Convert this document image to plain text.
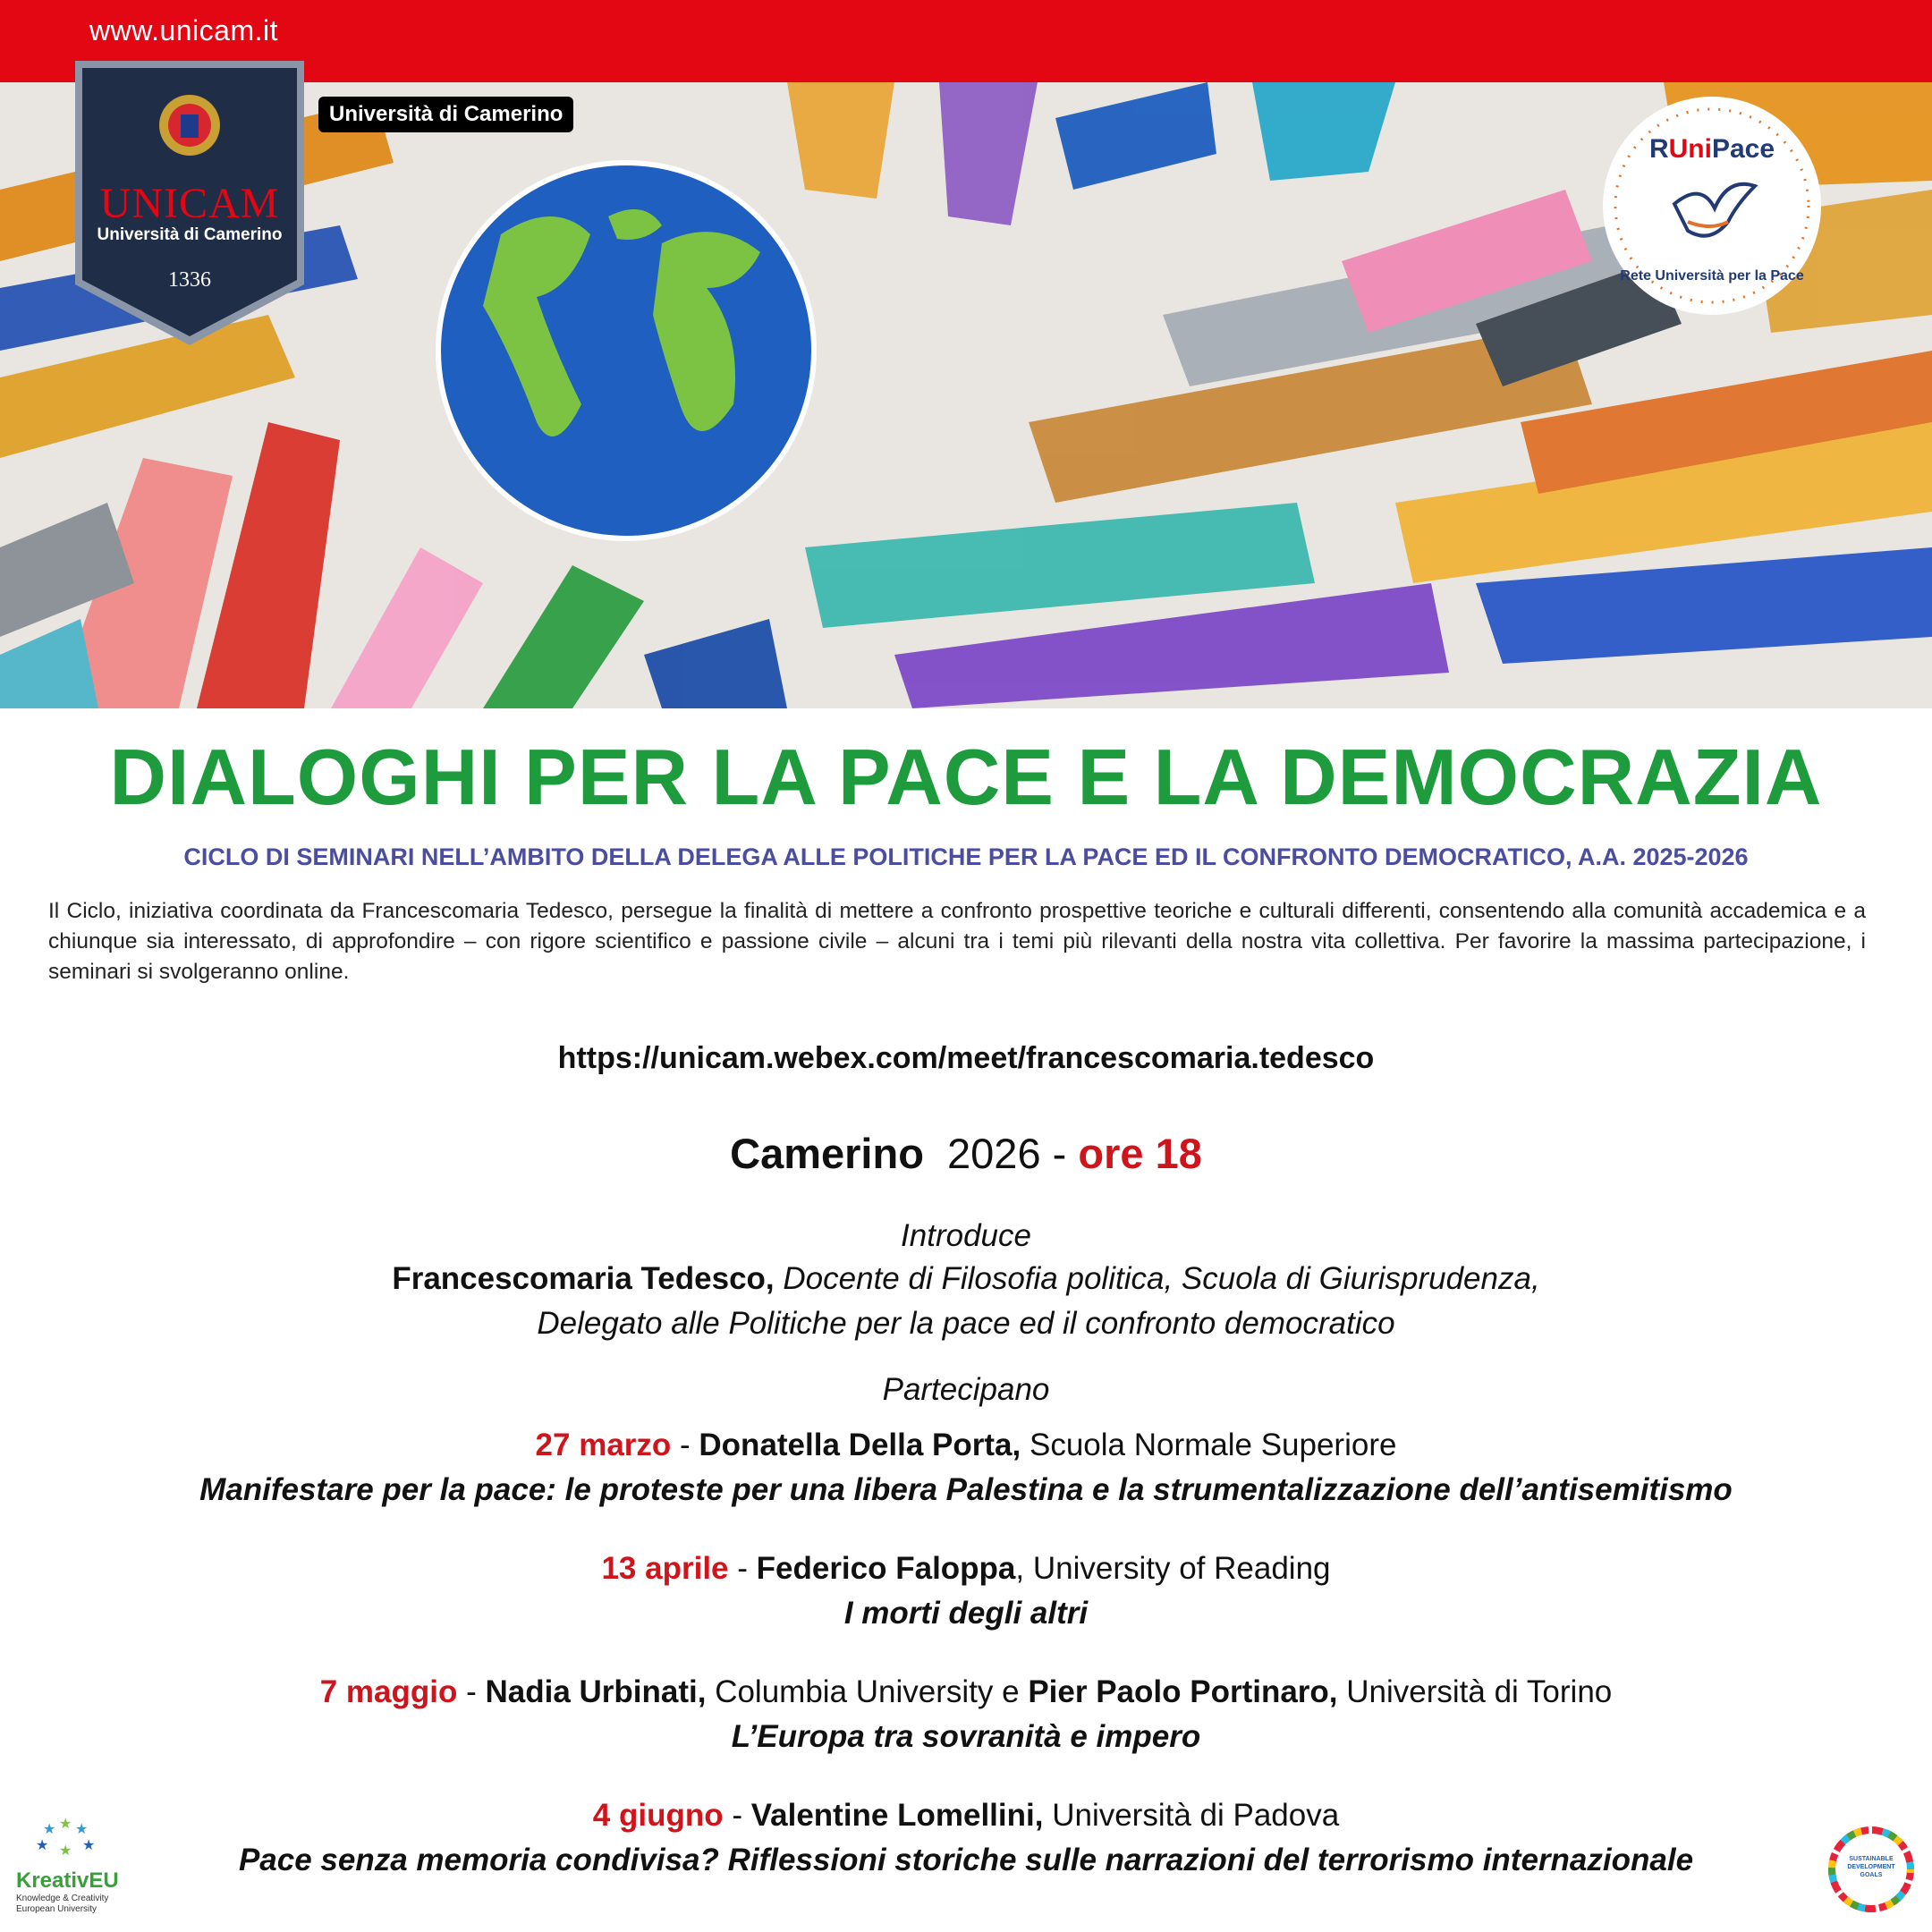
www.unicam.it
UNICAM
Università di Camerino
1336
Università di Camerino
RUniPace
Rete Università per la Pace
DIALOGHI PER LA PACE E LA DEMOCRAZIA
CICLO DI SEMINARI NELL’AMBITO DELLA DELEGA ALLE POLITICHE PER LA PACE ED IL CONFRONTO DEMOCRATICO, A.A. 2025-2026
Il Ciclo, iniziativa coordinata da Francescomaria Tedesco, persegue la finalità di mettere a confronto prospettive teoriche e culturali differenti, consentendo alla comunità accademica e a chiunque sia interessato, di approfondire – con rigore scientifico e passione civile – alcuni tra i temi più rilevanti della nostra vita collettiva. Per favorire la massima partecipazione, i seminari si svolgeranno online.
https://unicam.webex.com/meet/francescomaria.tedesco
Camerino 2026 - ore 18
Introduce
Francescomaria Tedesco, Docente di Filosofia politica, Scuola di Giurisprudenza,
Delegato alle Politiche per la pace ed il confronto democratico
Partecipano
27 marzo - Donatella Della Porta, Scuola Normale Superiore
Manifestare per la pace: le proteste per una libera Palestina e la strumentalizzazione dell’antisemitismo
13 aprile - Federico Faloppa, University of Reading
I morti degli altri
7 maggio - Nadia Urbinati, Columbia University e Pier Paolo Portinaro, Università di Torino
L’Europa tra sovranità e impero
4 giugno - Valentine Lomellini, Università di Padova
Pace senza memoria condivisa? Riflessioni storiche sulle narrazioni del terrorismo internazionale
★ ★ ★
★ ★
★
KreativEU
Knowledge & Creativity European University
SUSTAINABLE DEVELOPMENT GOALS
